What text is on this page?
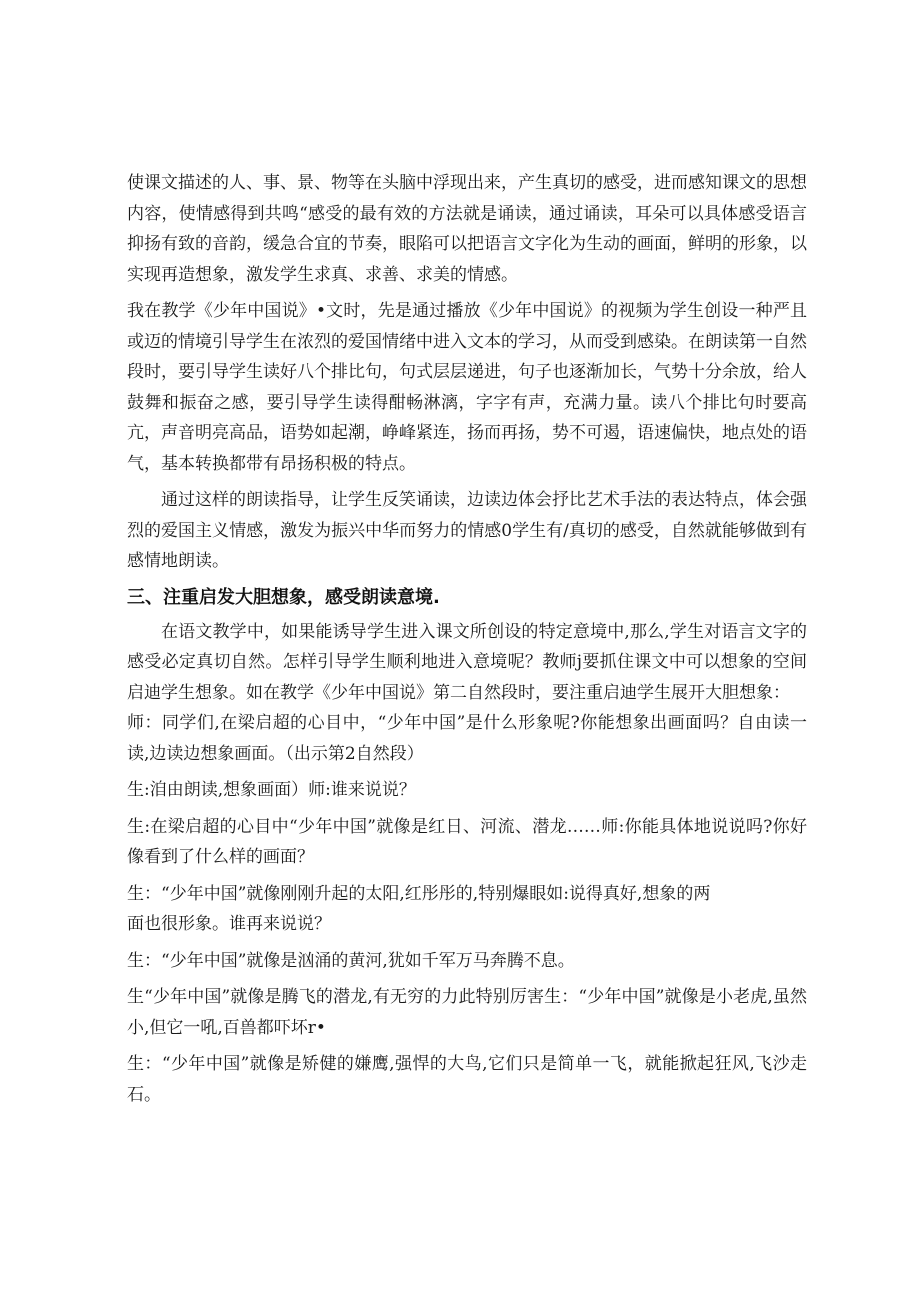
使课文描述的人、事、景、物等在头脑中浮现出来，产生真切的感受，进而感知课文的思想内容，使情感得到共鸣“感受的最有效的方法就是诵读，通过诵读，耳朵可以具体感受语言抑扬有致的音韵，缓急合宜的节奏，眼陷可以把语言文字化为生动的画面，鲜明的形象，以实现再造想象，激发学生求真、求善、求美的情感。

我在教学《少年中国说》•文时，先是通过播放《少年中国说》的视频为学生创设一种严且或迈的情境引导学生在浓烈的爱国情绪中进入文本的学习，从而受到感染。在朗读第一自然段时，要引导学生读好八个排比句，句式层层递进，句子也逐渐加长，气势十分余放，给人鼓舞和振奋之感，要引导学生读得酣畅淋漓，字字有声，充满力量。读八个排比句时要高亢，声音明亮高品，语势如起潮，峥峰紧连，扬而再扬，势不可遏，语速偏快，地点处的语气，基本转换都带有昂扬积极的特点。

通过这样的朗读指导，让学生反笑诵读，边读边体会抒比艺术手法的表达特点，体会强烈的爱国主义情感，激发为振兴中华而努力的情感0学生有/真切的感受，自然就能够做到有感情地朗读。

三、注重启发大胆想象，感受朗读意境.

在语文教学中，如果能诱导学生进入课文所创设的特定意境中,那么,学生对语言文字的感受必定真切自然。怎样引导学生顺利地进入意境呢？教师j要抓住课文中可以想象的空间启迪学生想象。如在教学《少年中国说》第二自然段时，要注重启迪学生展开大胆想象：

师：同学们,在梁启超的心目中，“少年中国”是什么形象呢?你能想象出画面吗？自由读一读,边读边想象画面。（出示第2自然段）

生:洎由朗读,想象画面）师:谁来说说？

生:在梁启超的心目中“少年中国”就像是红日、河流、潜龙……师:你能具体地说说吗?你好像看到了什么样的画面？

生：“少年中国”就像刚刚升起的太阳,红彤彤的,特别爆眼如:说得真好,想象的两
面也很形象。谁再来说说？

生：“少年中国”就像是汹涌的黄河,犹如千军万马奔腾不息。

生“少年中国”就像是腾飞的潜龙,有无穷的力此特别厉害生：“少年中国”就像是小老虎,虽然小,但它一吼,百兽都吓坏r•

生：“少年中国”就像是矫健的嫌鹰,强悍的大鸟,它们只是简单一飞，就能掀起狂风,飞沙走石。
